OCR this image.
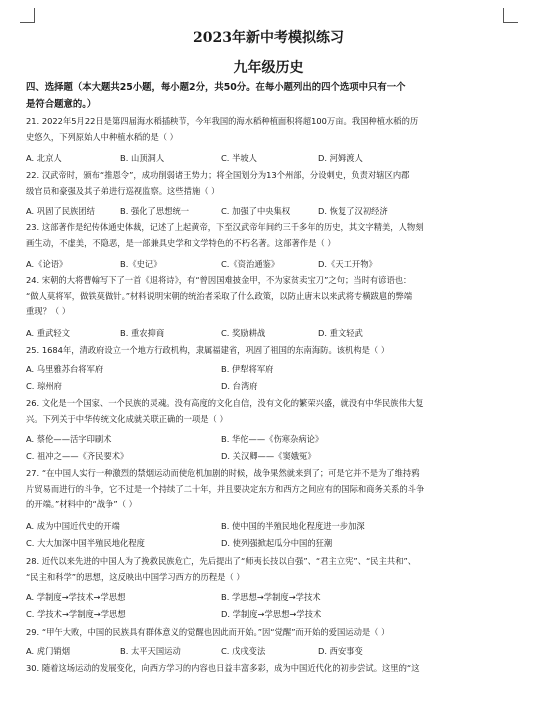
2023年新中考模拟练习
九年级历史
四、选择题（本大题共25小题，每小题2分，共50分。在每小题列出的四个选项中只有一个
是符合题意的。）

21. 2022年5月22日是第四届海水稻插秧节，今年我国的海水稻种植面积将超100万亩。我国种植水稻的历

史悠久，下列原始人中种植水稻的是（ ）

A. 北京人	B. 山顶洞人	C. 半坡人	D. 河姆渡人

22. 汉武帝时，颁布“推恩令”，成功削弱诸王势力；将全国划分为13个州部，分设刺史，负责对辖区内郡

级官员和豪强及其子弟进行巡视监察。这些措施（ ）

A. 巩固了民族团结	B. 强化了思想统一	C. 加强了中央集权	D. 恢复了汉初经济

23. 这部著作是纪传体通史体裁，记述了上起黄帝，下至汉武帝年间约三千多年的历史，其文字精美，人物刻

画生动，不虚美，不隐恶，是一部兼具史学和文学特色的不朽名著。这部著作是（ ）

A.《论语》	B.《史记》	C.《资治通鉴》	D.《天工开物》

24. 宋朝的大将曹翰写下了一首《退将诗》，有“曾因国难披金甲，不为家贫卖宝刀”之句；当时有谚语也：

“做人莫将军，做铁莫做针。”材料说明宋朝的统治者采取了什么政策，以防止唐末以来武将专横跋扈的弊端

重现？（ ）

A. 重武轻文	B. 重农抑商	C. 奖励耕战	D. 重文轻武

25. 1684年，清政府设立一个地方行政机构，隶属福建省，巩固了祖国的东南海防。该机构是（ ）

A. 乌里雅苏台将军府	B. 伊犁将军府
C. 琼州府	D. 台湾府

26. 文化是一个国家、一个民族的灵魂。没有高度的文化自信，没有文化的繁荣兴盛，就没有中华民族伟大复

兴。下列关于中华传统文化成就关联正确的一项是（ ）

A. 蔡伦——活字印刷术	B. 华佗——《伤寒杂病论》
C. 祖冲之——《齐民要术》	D. 关汉卿——《窦娥冤》

27. “在中国人实行一种激烈的禁烟运动而使危机加剧的时候，战争果然就来到了；可是它并不是为了维持鸦

片贸易而进行的斗争，它不过是一个持续了二十年，并且要决定东方和西方之间应有的国际和商务关系的斗争

的开端。”材料中的“战争”（ ）

A. 成为中国近代史的开端	B. 使中国的半殖民地化程度进一步加深
C. 大大加深中国半殖民地化程度	D. 使列强掀起瓜分中国的狂潮

28. 近代以来先进的中国人为了挽救民族危亡，先后提出了“师夷长技以自强”、“君主立宪”、“民主共和”、

“民主和科学”的思想，这反映出中国学习西方的历程是（ ）

A. 学制度→学技术→学思想	B. 学思想→学制度→学技术
C. 学技术→学制度→学思想	D. 学制度→学思想→学技术

29. “甲午大败，中国的民族具有群体意义的觉醒也因此而开始。”因“觉醒”而开始的爱国运动是（ ）

A. 虎门销烟	B. 太平天国运动	C. 戊戌变法	D. 西安事变

30. 随着这场运动的发展变化，向西方学习的内容也日益丰富多彩，成为中国近代化的初步尝试。这里的“这
